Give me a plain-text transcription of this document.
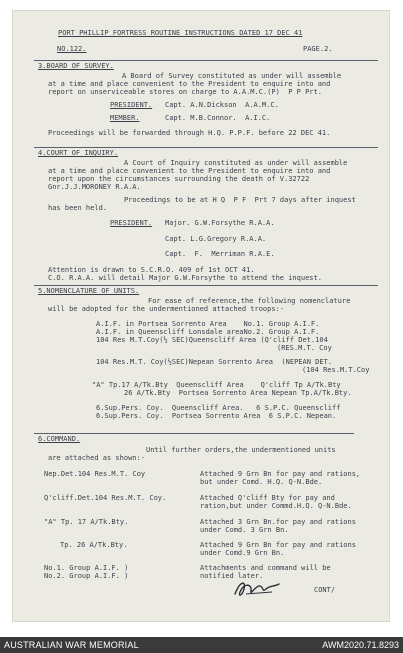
PORT PHILLIP FORTRESS ROUTINE INSTRUCTIONS DATED 17 DEC 41
NO.122.	PAGE.2.
3.BOARD OF SURVEY.
A Board of Survey constituted as under will assemble
at a time and place convenient to the President to enquire into and
report on unserviceable stores on charge to A.A.M.C.(P)  P P Prt.
PRESIDENT. Capt. A.N.Dickson  A.A.M.C.
MEMBER.	Capt. M.B.Connor.  A.I.C.
Proceedings will be forwarded through H.Q. P.P.F. before 22 DEC 41.
4.COURT OF INQUIRY.
A Court of Inquiry constituted as under will assemble
at a time and place convenient to the President to enquire into and
report upon the circumstances surrounding the death of V.32722
Gnr.J.J.MORONEY R.A.A.
Proceedings to be at H Q  P F  Prt 7 days after inquest
has been held.
PRESIDENT. Major. G.W.Forsythe R.A.A.
Capt. L.G.Gregory R.A.A.
Capt.  F.  Merriman R.A.E.
Attention is drawn to S.C.R.O. 409 of 1st OCT 41.
C.O. R.A.A. will detail Major G.W.Forsythe to attend the inquest.
5.NOMENCLATURE OF UNITS.
For ease of reference,the following nomenclature
will be adopted for the undermentioned attached troops:-
A.I.F. in Portsea Sorrento Area    No.1. Group A.I.F.
A.I.F. in Queenscliff Lonsdale areaNo.2. Group A.I.F.
104 Res M.T.Coy(½ SEC)Queenscliff Area (Q'cliff Det.104
(RES.M.T. Coy
104 Res.M.T. Coy(½SEC)Nepean Sorrento Area  (NEPEAN DET.
(104 Res.M.T.Coy
"A" Tp.17 A/Tk.Bty  Queenscliff Area    Q'cliff Tp A/Tk.Bty
26 A/Tk.Bty  Portsea Sorrento Area Nepean Tp.A/Tk.Bty.
6.Sup.Pers. Coy.  Queenscliff Area.   6 S.P.C. Queenscliff
6.Sup.Pers. Coy.  Portsea Sorrento Area  6 S.P.C. Nepean.
6.COMMAND.
Until further orders,the undermentioned units
are attached as shown:-
Nep.Det.104 Res.M.T. Coy	Attached 9 Grn Bn for pay and rations,
but under Comd. H.Q. Q-N.Bde.
Q'cliff.Det.104 Res.M.T. Coy.	Attached Q'cliff Bty for pay and
ration,but under Commd.H.Q. Q-N.Bde.
"A" Tp. 17 A/Tk.Bty.	Attached 3 Grn Bn.for pay and rations
under Comd. 3 Grn Bn.
Tp. 26 A/Tk.Bty.	Attached 9 Grn Bn for pay and rations
under Comd.9 Grn Bn.
No.1. Group A.I.F. )
No.2. Group A.I.F. )
Attachments and command will be
notified later.
CONT/
AUSTRALIAN WAR MEMORIAL	AWM2020.71.8293
